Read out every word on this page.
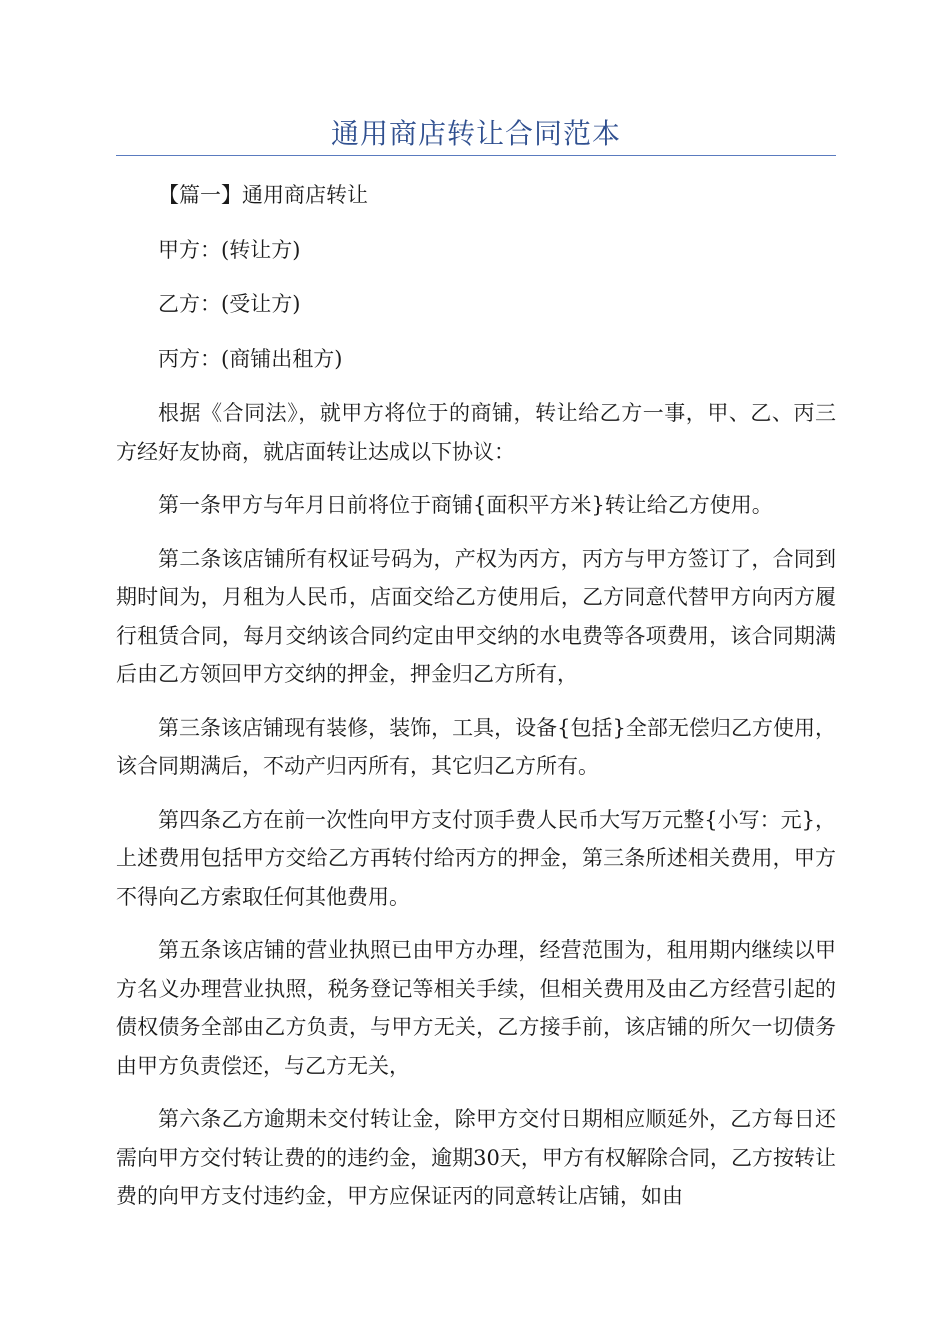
通用商店转让合同范本

【篇一】通用商店转让

甲方：(转让方)

乙方：(受让方)

丙方：(商铺出租方)

根据《合同法》，就甲方将位于的商铺，转让给乙方一事，甲、乙、丙三方经好友协商，就店面转让达成以下协议：

第一条甲方与年月日前将位于商铺{面积平方米}转让给乙方使用。

第二条该店铺所有权证号码为，产权为丙方，丙方与甲方签订了，合同到期时间为，月租为人民币，店面交给乙方使用后，乙方同意代替甲方向丙方履行租赁合同，每月交纳该合同约定由甲交纳的水电费等各项费用，该合同期满后由乙方领回甲方交纳的押金，押金归乙方所有，

第三条该店铺现有装修，装饰，工具，设备{包括}全部无偿归乙方使用，该合同期满后，不动产归丙所有，其它归乙方所有。

第四条乙方在前一次性向甲方支付顶手费人民币大写万元整{小写：元}，上述费用包括甲方交给乙方再转付给丙方的押金，第三条所述相关费用，甲方不得向乙方索取任何其他费用。

第五条该店铺的营业执照已由甲方办理，经营范围为，租用期内继续以甲方名义办理营业执照，税务登记等相关手续，但相关费用及由乙方经营引起的债权债务全部由乙方负责，与甲方无关，乙方接手前，该店铺的所欠一切债务由甲方负责偿还，与乙方无关，

第六条乙方逾期未交付转让金，除甲方交付日期相应顺延外，乙方每日还需向甲方交付转让费的的违约金，逾期30天，甲方有权解除合同，乙方按转让费的向甲方支付违约金，甲方应保证丙的同意转让店铺，如由
